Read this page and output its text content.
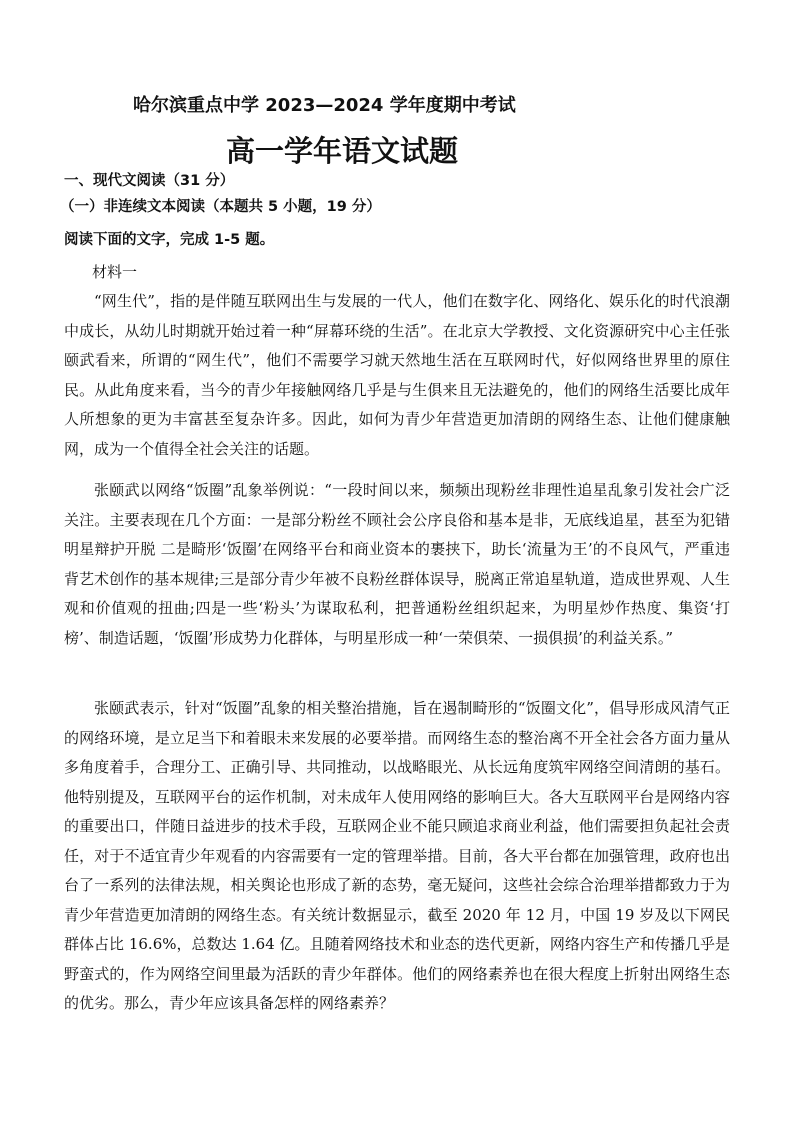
哈尔滨重点中学 2023—2024 学年度期中考试
高一学年语文试题
一、现代文阅读（31 分）
（一）非连续文本阅读（本题共 5 小题，19 分）
阅读下面的文字，完成 1-5 题。
材料一

“网生代”，指的是伴随互联网出生与发展的一代人，他们在数字化、网络化、娱乐化的时代浪潮中成长，从幼儿时期就开始过着一种“屏幕环绕的生活”。在北京大学教授、文化资源研究中心主任张颐武看来，所谓的“网生代”，他们不需要学习就天然地生活在互联网时代，好似网络世界里的原住民。从此角度来看，当今的青少年接触网络几乎是与生俱来且无法避免的，他们的网络生活要比成年人所想象的更为丰富甚至复杂许多。因此，如何为青少年营造更加清朗的网络生态、让他们健康触网，成为一个值得全社会关注的话题。

张颐武以网络“饭圈”乱象举例说：“一段时间以来，频频出现粉丝非理性追星乱象引发社会广泛关注。主要表现在几个方面：一是部分粉丝不顾社会公序良俗和基本是非，无底线追星，甚至为犯错明星辩护开脱 二是畸形‘饭圈’在网络平台和商业资本的裹挟下，助长‘流量为王’的不良风气，严重违背艺术创作的基本规律;三是部分青少年被不良粉丝群体误导，脱离正常追星轨道，造成世界观、人生观和价值观的扭曲;四是一些‘粉头’为谋取私利，把普通粉丝组织起来，为明星炒作热度、集资‘打榜’、制造话题，‘饭圈’形成势力化群体，与明星形成一种‘一荣俱荣、一损俱损’的利益关系。”

张颐武表示，针对“饭圈”乱象的相关整治措施，旨在遏制畸形的“饭圈文化”，倡导形成风清气正的网络环境，是立足当下和着眼未来发展的必要举措。而网络生态的整治离不开全社会各方面力量从多角度着手，合理分工、正确引导、共同推动，以战略眼光、从长远角度筑牢网络空间清朗的基石。他特别提及，互联网平台的运作机制，对未成年人使用网络的影响巨大。各大互联网平台是网络内容的重要出口，伴随日益进步的技术手段，互联网企业不能只顾追求商业利益，他们需要担负起社会责任，对于不适宜青少年观看的内容需要有一定的管理举措。目前，各大平台都在加强管理，政府也出台了一系列的法律法规，相关舆论也形成了新的态势，毫无疑问，这些社会综合治理举措都致力于为青少年营造更加清朗的网络生态。有关统计数据显示，截至 2020 年 12 月，中国 19 岁及以下网民群体占比 16.6%，总数达 1.64 亿。且随着网络技术和业态的迭代更新，网络内容生产和传播几乎是野蛮式的，作为网络空间里最为活跃的青少年群体。他们的网络素养也在很大程度上折射出网络生态的优劣。那么，青少年应该具备怎样的网络素养？
